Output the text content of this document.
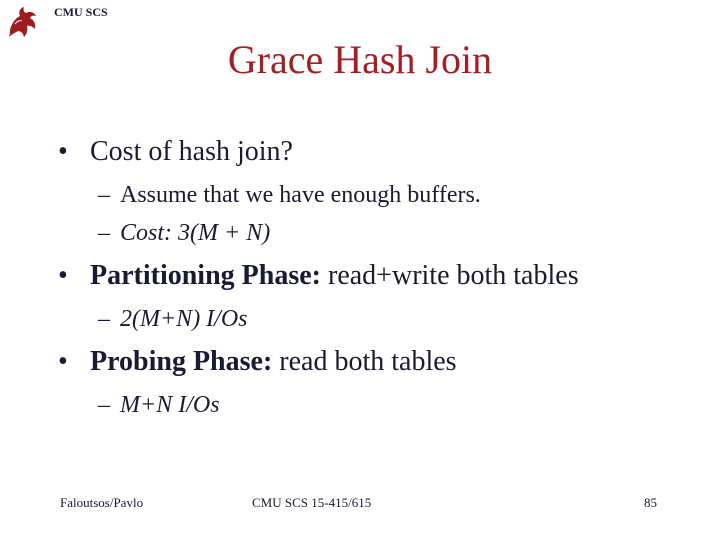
CMU SCS
Grace Hash Join
• Cost of hash join?
– Assume that we have enough buffers.
– Cost: 3(M + N)
• Partitioning Phase: read+write both tables
– 2(M+N) I/Os
• Probing Phase: read both tables
– M+N I/Os
Faloutsos/Pavlo	CMU SCS 15-415/615	85
